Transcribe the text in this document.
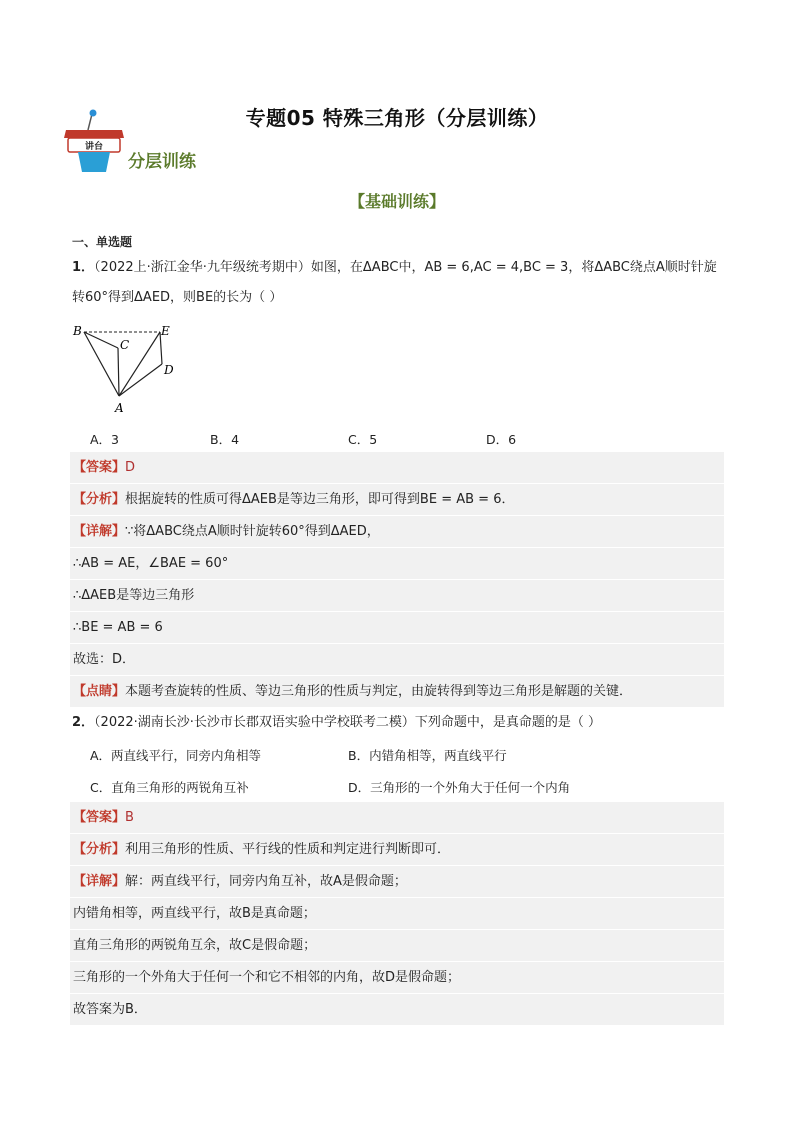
专题05 特殊三角形（分层训练）
讲台
分层训练
【基础训练】
一、单选题
1．（2022上·浙江金华·九年级统考期中）如图，在ΔABC中，AB = 6,AC = 4,BC = 3，将ΔABC绕点A顺时针旋
转60°得到ΔAED，则BE的长为（ ）
B
C
E
D
A
A．3	B．4	C．5	D．6
【答案】D
【分析】根据旋转的性质可得ΔAEB是等边三角形，即可得到BE = AB = 6．
【详解】∵将ΔABC绕点A顺时针旋转60°得到ΔAED，
∴AB = AE，∠BAE = 60°
∴ΔAEB是等边三角形
∴BE = AB = 6
故选：D．
【点睛】本题考查旋转的性质、等边三角形的性质与判定，由旋转得到等边三角形是解题的关键．
2．（2022·湖南长沙·长沙市长郡双语实验中学校联考二模）下列命题中，是真命题的是（ ）
A．两直线平行，同旁内角相等	B．内错角相等，两直线平行
C．直角三角形的两锐角互补	D．三角形的一个外角大于任何一个内角
【答案】B
【分析】利用三角形的性质、平行线的性质和判定进行判断即可．
【详解】解：两直线平行，同旁内角互补，故A是假命题；
内错角相等，两直线平行，故B是真命题；
直角三角形的两锐角互余，故C是假命题；
三角形的一个外角大于任何一个和它不相邻的内角，故D是假命题；
故答案为B．
